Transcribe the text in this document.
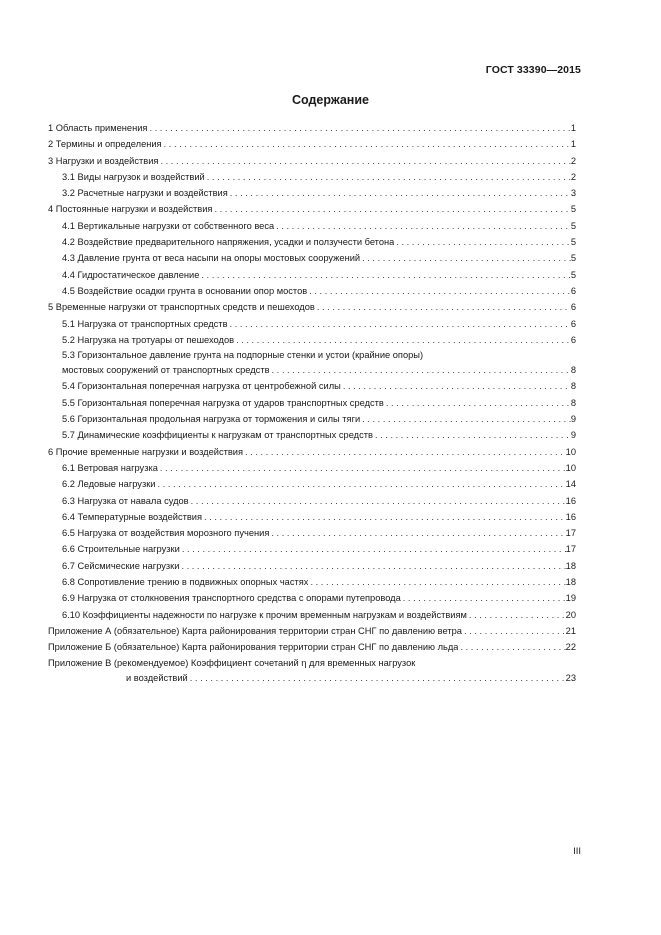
ГОСТ 33390—2015
Содержание
1 Область применения . . .	1
2 Термины и определения . . .	1
3 Нагрузки и воздействия . . .	2
3.1 Виды нагрузок и воздействий . . .	2
3.2 Расчетные нагрузки и воздействия . . .	3
4 Постоянные нагрузки и воздействия . . .	5
4.1 Вертикальные нагрузки от собственного веса . . .	5
4.2 Воздействие предварительного напряжения, усадки и ползучести бетона . . .	5
4.3 Давление грунта от веса насыпи на опоры мостовых сооружений . . .	5
4.4 Гидростатическое давление . . .	5
4.5 Воздействие осадки грунта в основании опор мостов . . .	6
5 Временные нагрузки от транспортных средств и пешеходов . . .	6
5.1 Нагрузка от транспортных средств . . .	6
5.2 Нагрузка на тротуары от пешеходов . . .	6
5.3 Горизонтальное давление грунта на подпорные стенки и устои (крайние опоры)
мостовых сооружений от транспортных средств . . .	8
5.4 Горизонтальная поперечная нагрузка от центробежной силы . . .	8
5.5 Горизонтальная поперечная нагрузка от ударов транспортных средств . . .	8
5.6 Горизонтальная продольная нагрузка от торможения и силы тяги . . .	9
5.7 Динамические коэффициенты к нагрузкам от транспортных средств . . .	9
6 Прочие временные нагрузки и воздействия . . .	10
6.1 Ветровая нагрузка . . .	10
6.2 Ледовые нагрузки . . .	14
6.3 Нагрузка от навала судов . . .	16
6.4 Температурные воздействия . . .	16
6.5 Нагрузка от воздействия морозного пучения . . .	17
6.6 Строительные нагрузки . . .	17
6.7 Сейсмические нагрузки . . .	18
6.8 Сопротивление трению в подвижных опорных частях . . .	18
6.9 Нагрузка от столкновения транспортного средства с опорами путепровода . . .	19
6.10 Коэффициенты надежности по нагрузке к прочим временным нагрузкам и воздействиям . . .	20
Приложение А (обязательное) Карта районирования территории стран СНГ по давлению ветра . . .	21
Приложение Б (обязательное) Карта районирования территории стран СНГ по давлению льда . . .	22
Приложение В (рекомендуемое) Коэффициент сочетаний η для временных нагрузок
и воздействий . . .	23
III
